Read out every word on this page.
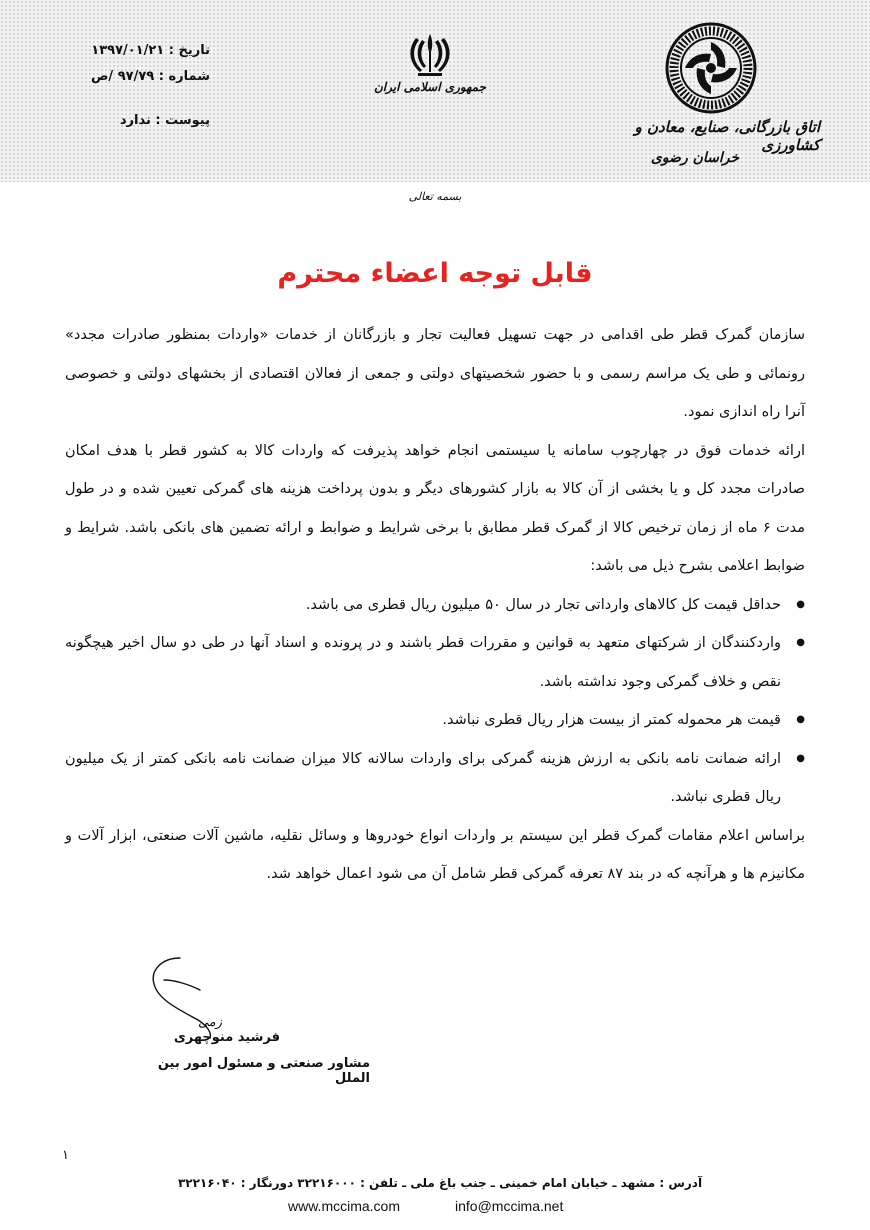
تاریخ : ۱۳۹۷/۰۱/۲۱
شماره : ۹۷/۷۹ /ص
پیوست : ندارد
جمهوری اسلامی ایران
اتاق بازرگانی، صنایع، معادن و کشاورزی
خراسان رضوی
بسمه تعالی
قابل توجه اعضاء محترم

سازمان گمرک قطر طی اقدامی در جهت تسهیل فعالیت تجار و بازرگانان از خدمات «واردات بمنظور صادرات مجدد» رونمائی و طی یک مراسم رسمی و با حضور شخصیتهای دولتی و جمعی از فعالان اقتصادی از بخشهای دولتی و خصوصی آنرا راه اندازی نمود.

ارائه خدمات فوق در چهارچوب سامانه یا سیستمی انجام خواهد پذیرفت که واردات کالا به کشور قطر با هدف امکان صادرات مجدد کل و یا بخشی از آن کالا به بازار کشورهای دیگر و بدون پرداخت هزینه های گمرکی تعیین شده و در طول مدت ۶ ماه از زمان ترخیص کالا از گمرک قطر مطابق با برخی شرایط و ضوابط و ارائه تضمین های بانکی باشد. شرایط و ضوابط اعلامی بشرح ذیل می باشد:

● حداقل قیمت کل کالاهای وارداتی تجار در سال ۵۰ میلیون ریال قطری می باشد.
● واردکنندگان از شرکتهای متعهد به قوانین و مقررات قطر باشند و در پرونده و اسناد آنها در طی دو سال اخیر هیچگونه نقص و خلاف گمرکی وجود نداشته باشد.
● قیمت هر محموله کمتر از بیست هزار ریال قطری نباشد.
● ارائه ضمانت نامه بانکی به ارزش هزینه گمرکی برای واردات سالانه کالا میزان ضمانت نامه بانکی کمتر از یک میلیون ریال قطری نباشد.

براساس اعلام مقامات گمرک قطر این سیستم بر واردات انواع خودروها و وسائل نقلیه، ماشین آلات صنعتی، ابزار آلات و مکانیزم ها و هرآنچه که در بند ۸۷ تعرفه گمرکی قطر شامل آن می شود اعمال خواهد شد.

زمی
فرشید منوچهری
مشاور صنعتی و مسئول امور بین الملل
۱
آدرس : مشهد ـ خیابان امام خمینی ـ جنب باغ ملی ـ تلفن : ۳۲۲۱۶۰۰۰ دورنگار : ۳۲۲۱۶۰۴۰
www.mccima.com	info@mccima.net
